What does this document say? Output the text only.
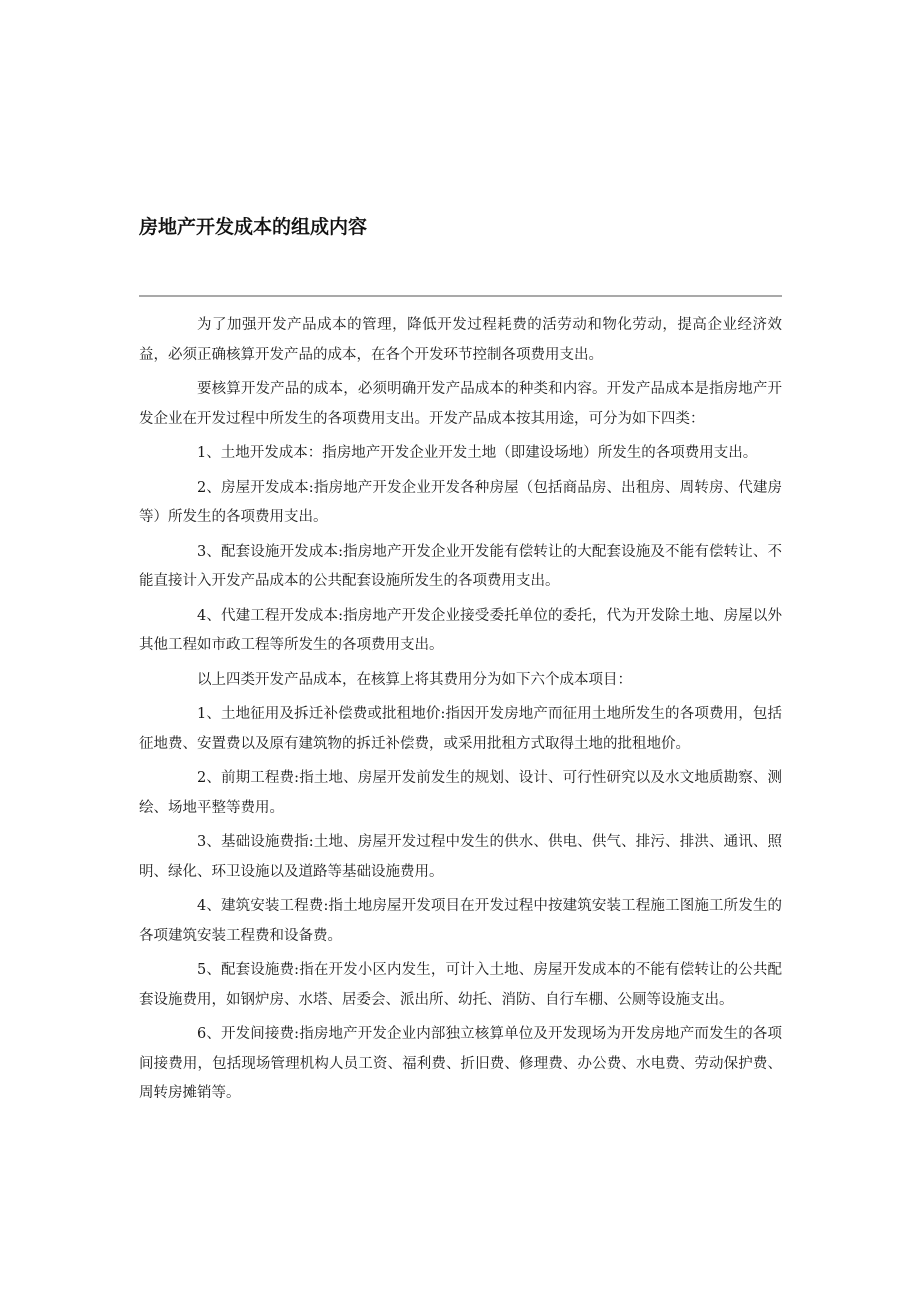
房地产开发成本的组成内容

为了加强开发产品成本的管理，降低开发过程耗费的活劳动和物化劳动，提高企业经济效益，必须正确核算开发产品的成本，在各个开发环节控制各项费用支出。

要核算开发产品的成本，必须明确开发产品成本的种类和内容。开发产品成本是指房地产开发企业在开发过程中所发生的各项费用支出。开发产品成本按其用途，可分为如下四类：

1、土地开发成本：指房地产开发企业开发土地（即建设场地）所发生的各项费用支出。

2、房屋开发成本:指房地产开发企业开发各种房屋（包括商品房、出租房、周转房、代建房等）所发生的各项费用支出。

3、配套设施开发成本:指房地产开发企业开发能有偿转让的大配套设施及不能有偿转让、不能直接计入开发产品成本的公共配套设施所发生的各项费用支出。

4、代建工程开发成本:指房地产开发企业接受委托单位的委托，代为开发除土地、房屋以外其他工程如市政工程等所发生的各项费用支出。

以上四类开发产品成本，在核算上将其费用分为如下六个成本项目：

1、土地征用及拆迁补偿费或批租地价:指因开发房地产而征用土地所发生的各项费用，包括征地费、安置费以及原有建筑物的拆迁补偿费，或采用批租方式取得土地的批租地价。

2、前期工程费:指土地、房屋开发前发生的规划、设计、可行性研究以及水文地质勘察、测绘、场地平整等费用。

3、基础设施费指:土地、房屋开发过程中发生的供水、供电、供气、排污、排洪、通讯、照明、绿化、环卫设施以及道路等基础设施费用。

4、建筑安装工程费:指土地房屋开发项目在开发过程中按建筑安装工程施工图施工所发生的各项建筑安装工程费和设备费。

5、配套设施费:指在开发小区内发生，可计入土地、房屋开发成本的不能有偿转让的公共配套设施费用，如钢炉房、水塔、居委会、派出所、幼托、消防、自行车棚、公厕等设施支出。

6、开发间接费:指房地产开发企业内部独立核算单位及开发现场为开发房地产而发生的各项间接费用，包括现场管理机构人员工资、福利费、折旧费、修理费、办公费、水电费、劳动保护费、周转房摊销等。
